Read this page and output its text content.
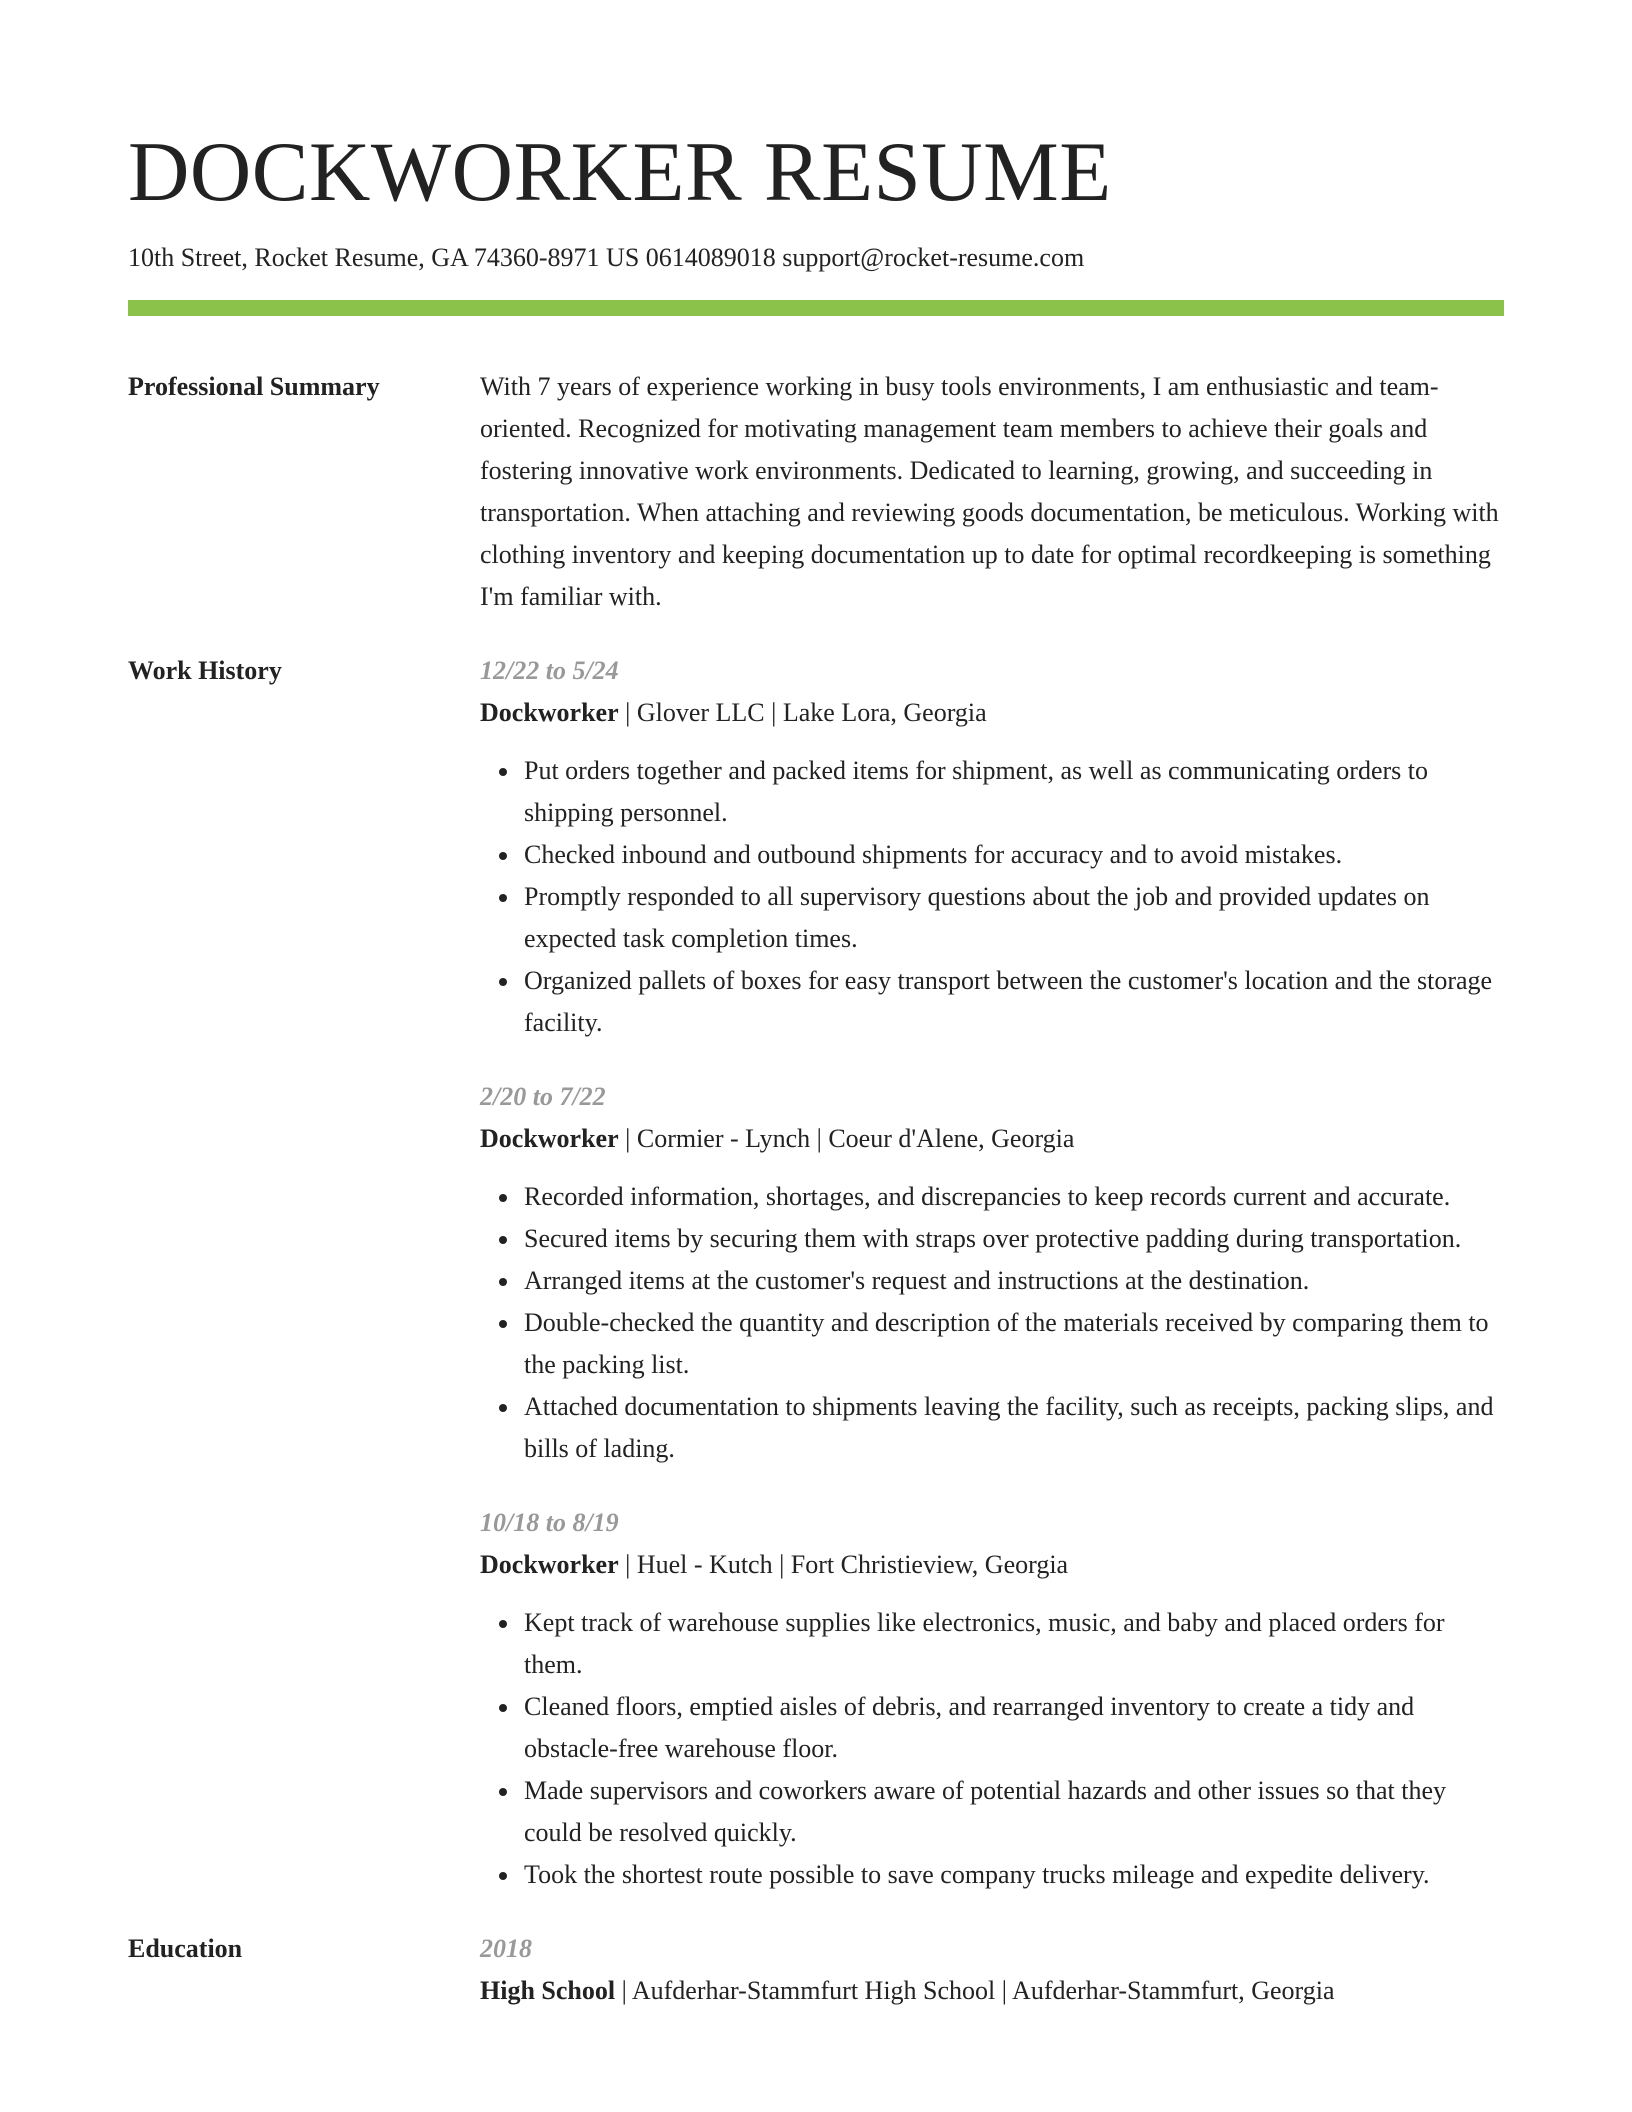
DOCKWORKER RESUME
10th Street, Rocket Resume, GA 74360-8971 US 0614089018 support@rocket-resume.com
Professional Summary	With 7 years of experience working in busy tools environments, I am enthusiastic and team-oriented. Recognized for motivating management team members to achieve their goals and fostering innovative work environments. Dedicated to learning, growing, and succeeding in transportation. When attaching and reviewing goods documentation, be meticulous. Working with clothing inventory and keeping documentation up to date for optimal recordkeeping is something I'm familiar with.

Work History	12/22 to 5/24
Dockworker | Glover LLC | Lake Lora, Georgia
Put orders together and packed items for shipment, as well as communicating orders to shipping personnel.
Checked inbound and outbound shipments for accuracy and to avoid mistakes.
Promptly responded to all supervisory questions about the job and provided updates on expected task completion times.
Organized pallets of boxes for easy transport between the customer's location and the storage facility.
2/20 to 7/22
Dockworker | Cormier - Lynch | Coeur d'Alene, Georgia
Recorded information, shortages, and discrepancies to keep records current and accurate.
Secured items by securing them with straps over protective padding during transportation.
Arranged items at the customer's request and instructions at the destination.
Double-checked the quantity and description of the materials received by comparing them to the packing list.
Attached documentation to shipments leaving the facility, such as receipts, packing slips, and bills of lading.
10/18 to 8/19
Dockworker | Huel - Kutch | Fort Christieview, Georgia
Kept track of warehouse supplies like electronics, music, and baby and placed orders for them.
Cleaned floors, emptied aisles of debris, and rearranged inventory to create a tidy and obstacle-free warehouse floor.
Made supervisors and coworkers aware of potential hazards and other issues so that they could be resolved quickly.
Took the shortest route possible to save company trucks mileage and expedite delivery.
Education	2018
High School | Aufderhar-Stammfurt High School | Aufderhar-Stammfurt, Georgia
